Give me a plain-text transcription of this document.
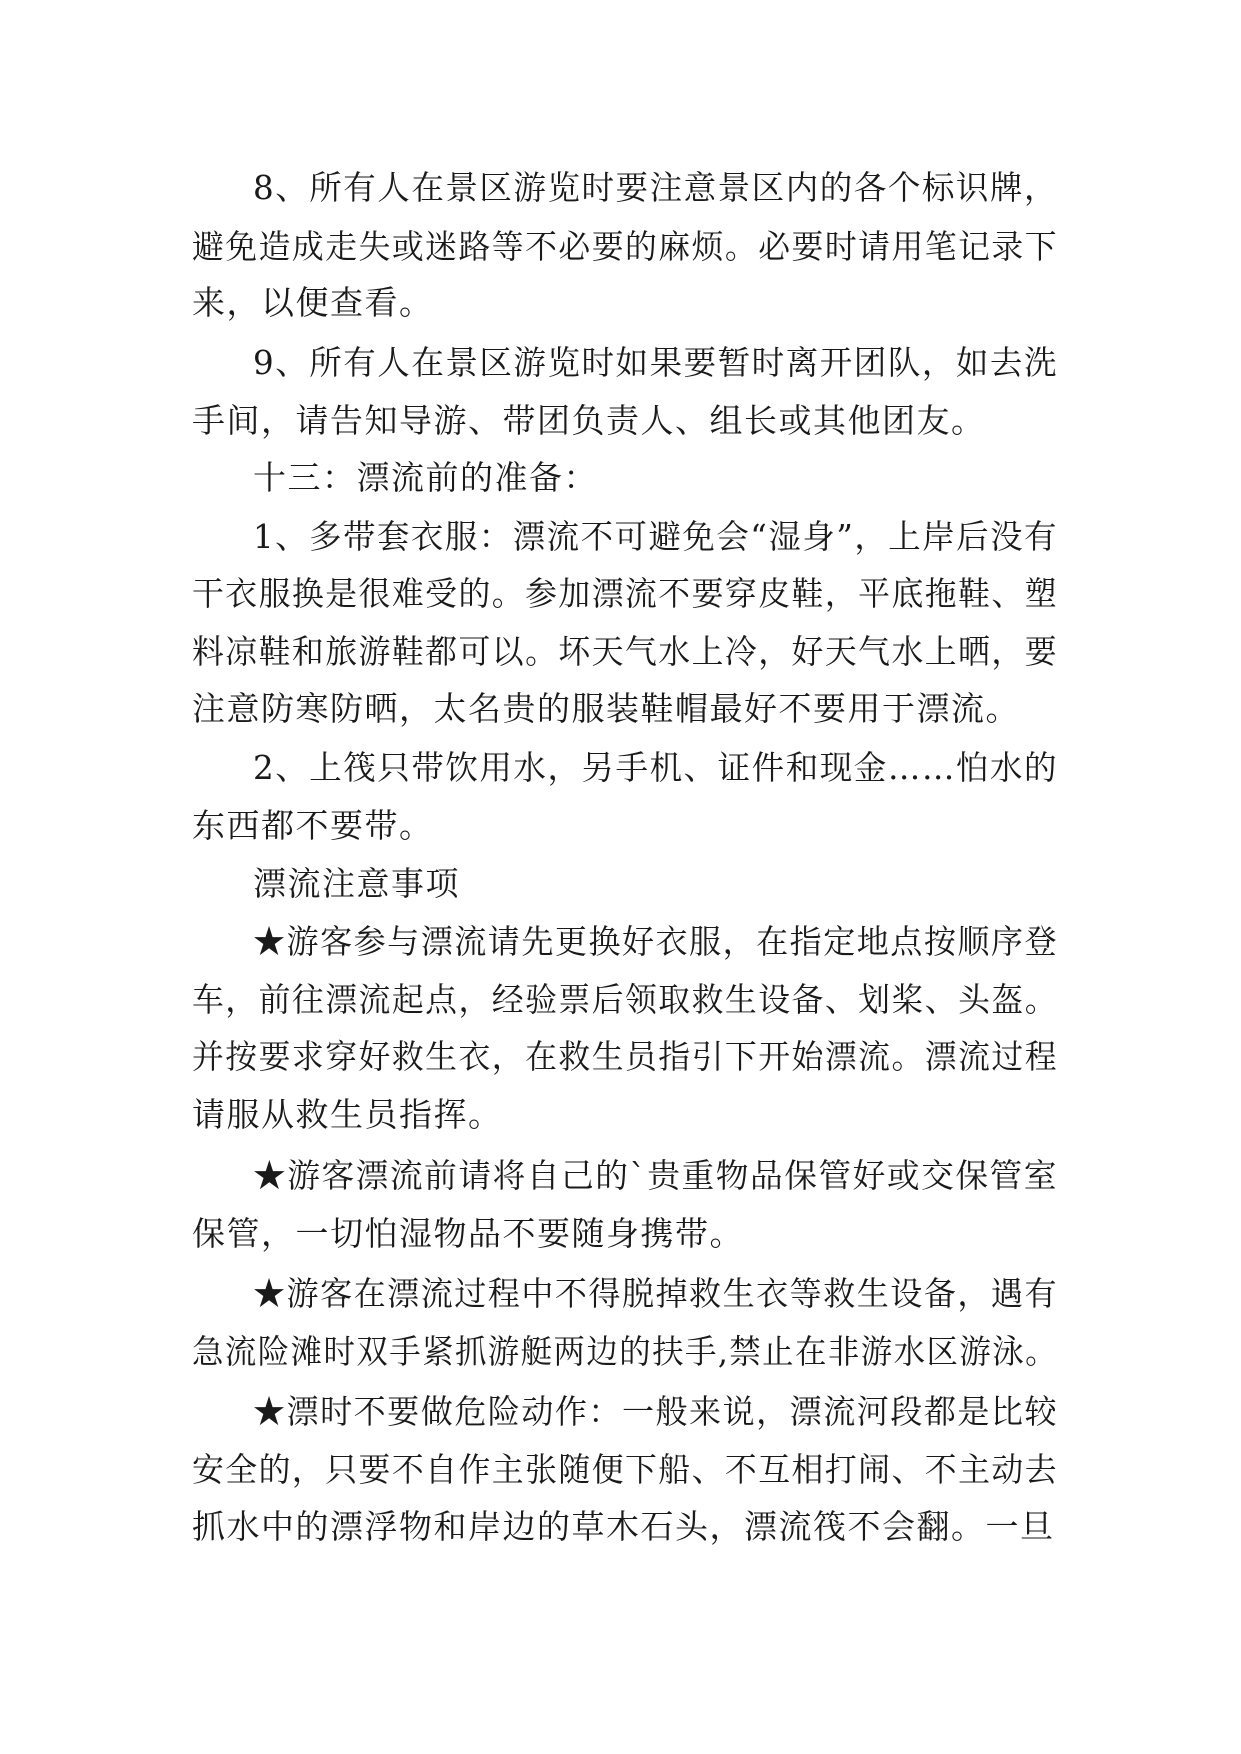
8、所有人在景区游览时要注意景区内的各个标识牌，
避免造成走失或迷路等不必要的麻烦。必要时请用笔记录下
来，以便查看。
9、所有人在景区游览时如果要暂时离开团队，如去洗
手间，请告知导游、带团负责人、组长或其他团友。
十三：漂流前的准备：
1、多带套衣服：漂流不可避免会“湿身”，上岸后没有
干衣服换是很难受的。参加漂流不要穿皮鞋，平底拖鞋、塑
料凉鞋和旅游鞋都可以。坏天气水上冷，好天气水上晒，要
注意防寒防晒，太名贵的服装鞋帽最好不要用于漂流。
2、上筏只带饮用水，另手机、证件和现金……怕水的
东西都不要带。
漂流注意事项
★游客参与漂流请先更换好衣服，在指定地点按顺序登
车，前往漂流起点，经验票后领取救生设备、划桨、头盔。
并按要求穿好救生衣，在救生员指引下开始漂流。漂流过程
请服从救生员指挥。
★游客漂流前请将自己的`贵重物品保管好或交保管室
保管，一切怕湿物品不要随身携带。
★游客在漂流过程中不得脱掉救生衣等救生设备，遇有
急流险滩时双手紧抓游艇两边的扶手,禁止在非游水区游泳。
★漂时不要做危险动作：一般来说，漂流河段都是比较
安全的，只要不自作主张随便下船、不互相打闹、不主动去
抓水中的漂浮物和岸边的草木石头，漂流筏不会翻。一旦
